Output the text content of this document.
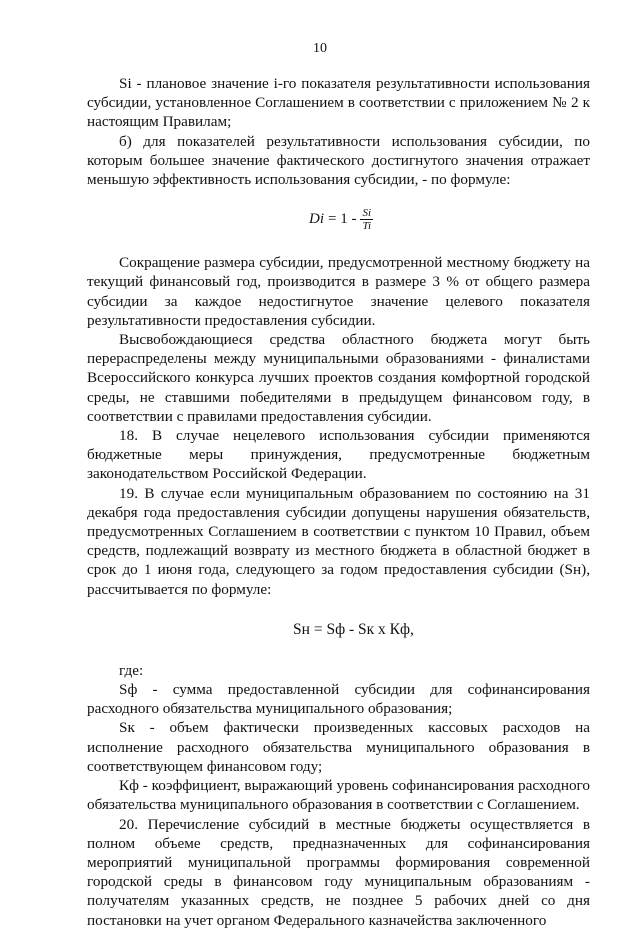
10

Si - плановое значение i-го показателя результативности использования субсидии, установленное Соглашением в соответствии с приложением № 2 к настоящим Правилам;

б) для показателей результативности использования субсидии, по которым большее значение фактического достигнутого значения отражает меньшую эффективность использования субсидии, - по формуле:

$Di = 1 - \frac{Si}{Ti}$

Сокращение размера субсидии, предусмотренной местному бюджету на текущий финансовый год, производится в размере 3 % от общего размера субсидии за каждое недостигнутое значение целевого показателя результативности предоставления субсидии.

Высвобождающиеся средства областного бюджета могут быть перераспределены между муниципальными образованиями - финалистами Всероссийского конкурса лучших проектов создания комфортной городской среды, не ставшими победителями в предыдущем финансовом году, в соответствии с правилами предоставления субсидии.

18. В случае нецелевого использования субсидии применяются бюджетные меры принуждения, предусмотренные бюджетным законодательством Российской Федерации.

19. В случае если муниципальным образованием по состоянию на 31 декабря года предоставления субсидии допущены нарушения обязательств, предусмотренных Соглашением в соответствии с пунктом 10 Правил, объем средств, подлежащий возврату из местного бюджета в областной бюджет в срок до 1 июня года, следующего за годом предоставления субсидии (Sн), рассчитывается по формуле:

Sн = Sф - Sк x Кф,

где:

Sф - сумма предоставленной субсидии для софинансирования расходного обязательства муниципального образования;

Sк - объем фактически произведенных кассовых расходов на исполнение расходного обязательства муниципального образования в соответствующем финансовом году;

Кф - коэффициент, выражающий уровень софинансирования расходного обязательства муниципального образования в соответствии с Соглашением.

20. Перечисление субсидий в местные бюджеты осуществляется в полном объеме средств, предназначенных для софинансирования мероприятий муниципальной программы формирования современной городской среды в финансовом году муниципальным образованиям - получателям указанных средств, не позднее 5 рабочих дней со дня постановки на учет органом Федерального казначейства заключенного
